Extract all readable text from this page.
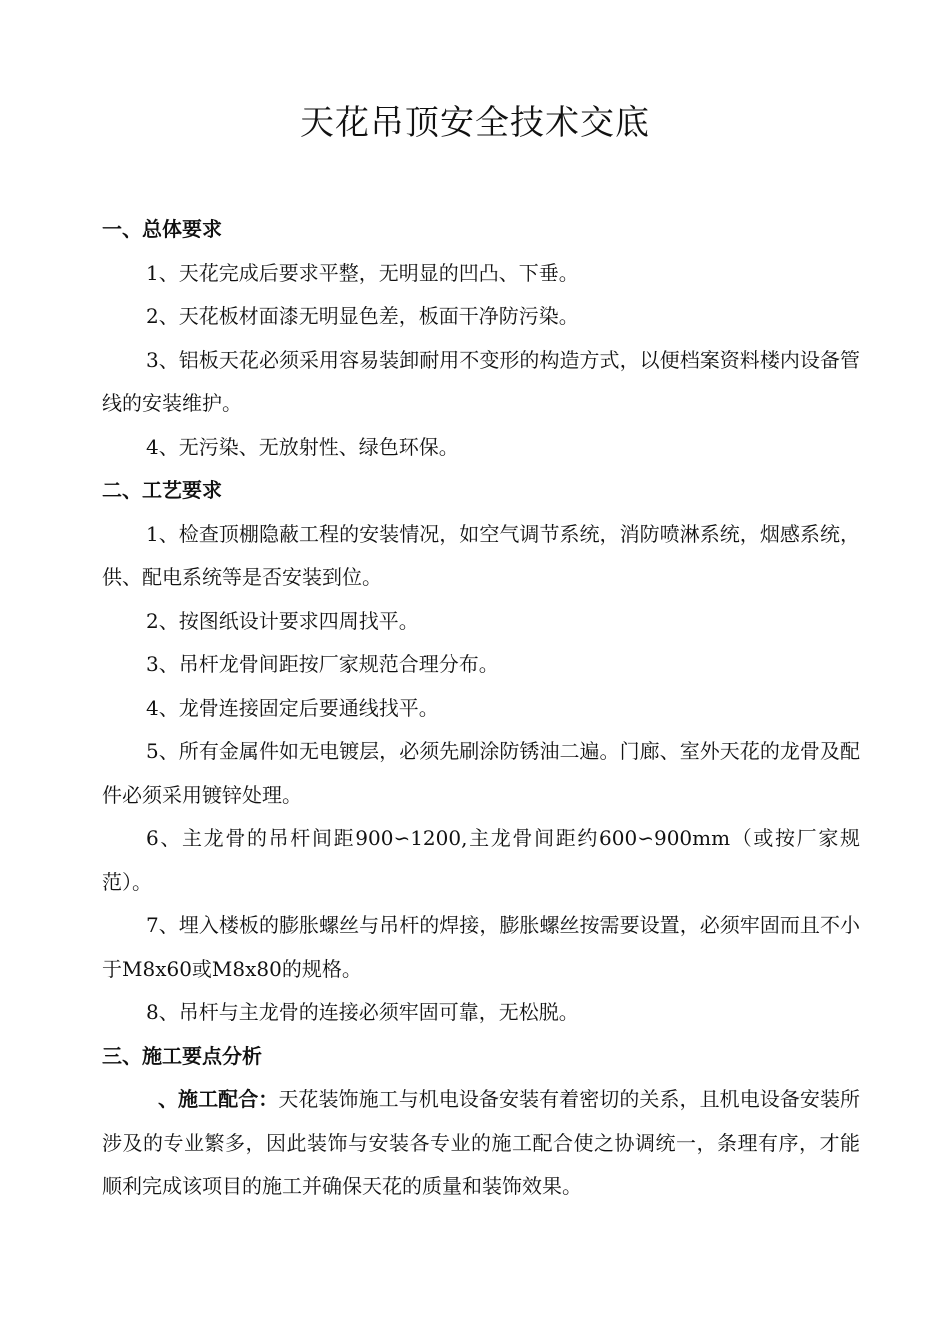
天花吊顶安全技术交底

一、总体要求

1、天花完成后要求平整，无明显的凹凸、下垂。

2、天花板材面漆无明显色差，板面干净防污染。

3、铝板天花必须采用容易装卸耐用不变形的构造方式，以便档案资料楼内设备管线的安装维护。

4、无污染、无放射性、绿色环保。

二、工艺要求

1、检查顶棚隐蔽工程的安装情况，如空气调节系统，消防喷淋系统，烟感系统，供、配电系统等是否安装到位。

2、按图纸设计要求四周找平。

3、吊杆龙骨间距按厂家规范合理分布。

4、龙骨连接固定后要通线找平。

5、所有金属件如无电镀层，必须先刷涂防锈油二遍。门廊、室外天花的龙骨及配件必须采用镀锌处理。

6、主龙骨的吊杆间距900∽1200,主龙骨间距约600∽900mm（或按厂家规范）。

7、埋入楼板的膨胀螺丝与吊杆的焊接，膨胀螺丝按需要设置，必须牢固而且不小于M8x60或M8x80的规格。

8、吊杆与主龙骨的连接必须牢固可靠，无松脱。

三、施工要点分析

、施工配合：天花装饰施工与机电设备安装有着密切的关系，且机电设备安装所涉及的专业繁多，因此装饰与安装各专业的施工配合使之协调统一，条理有序，才能顺利完成该项目的施工并确保天花的质量和装饰效果。
